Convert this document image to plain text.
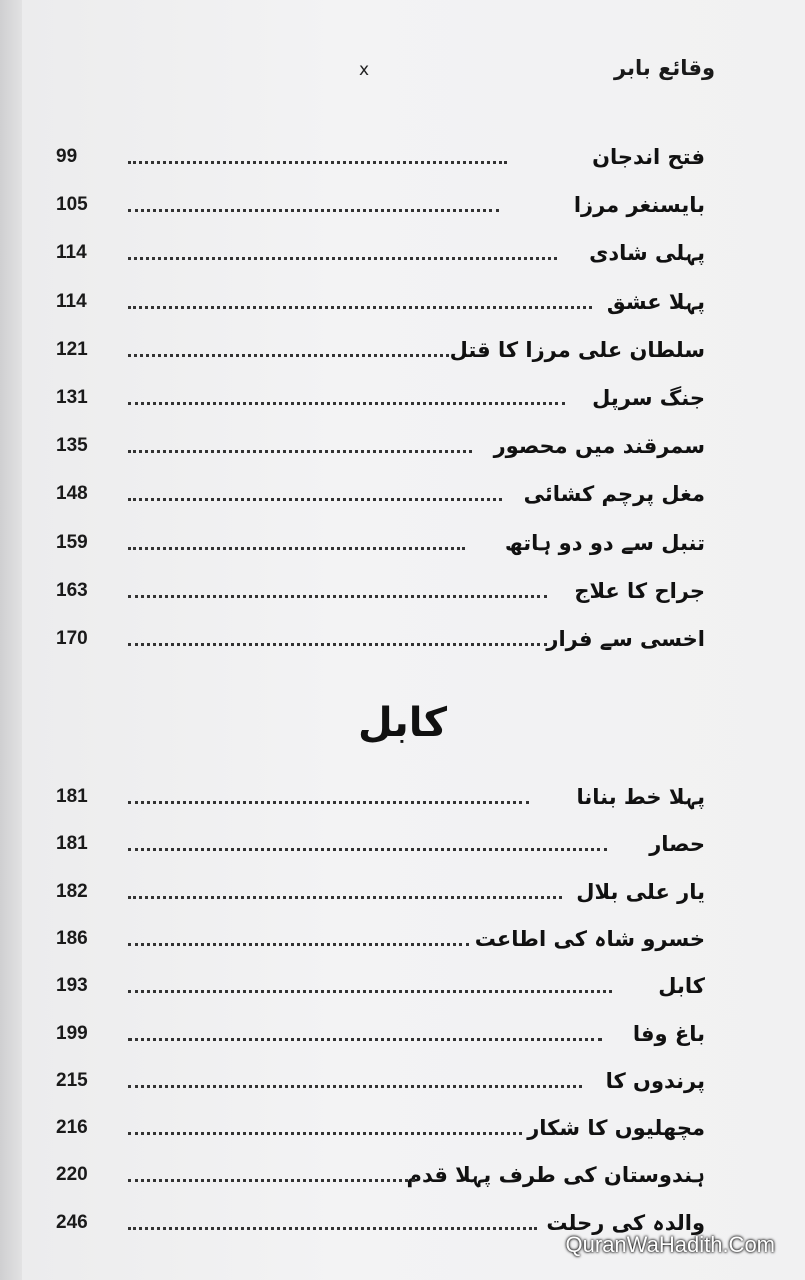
وقائع بابر
x
99	فتح اندجان
105	بایسنغر مرزا
114	پہلی شادی
114	پہلا عشق
121	سلطان علی مرزا کا قتل
131	جنگ سرپل
135	سمرقند میں محصور
148	مغل پرچم کشائی
159	تنبل سے دو دو ہاتھ
163	جراح کا علاج
170	اخسی سے فرار
181	پہلا خط بنانا
181	حصار
182	یار علی بلال
186	خسرو شاہ کی اطاعت
193	کابل
199	باغ وفا
215	پرندوں کا
216	مچھلیوں کا شکار
220	ہندوستان کی طرف پہلا قدم
246	والدہ کی رحلت
کابل
QuranWaHadith.Com
